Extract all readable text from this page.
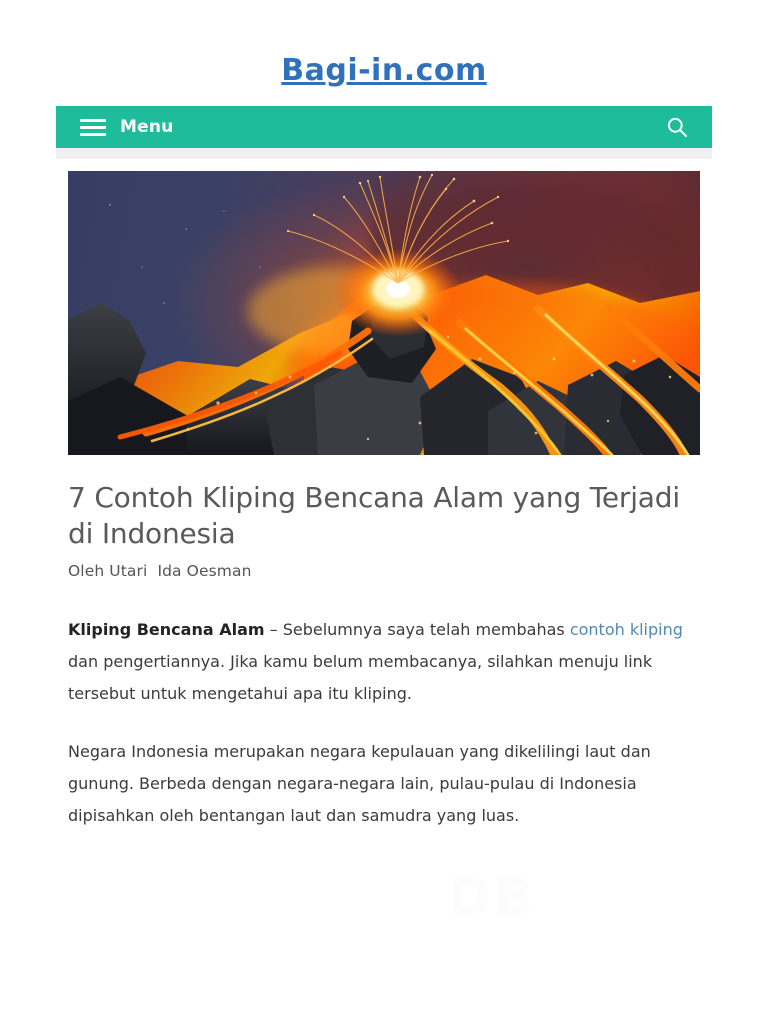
Bagi-in.com
Menu
7 Contoh Kliping Bencana Alam yang Terjadi di Indonesia
Oleh Utari  Ida Oesman

Kliping Bencana Alam – Sebelumnya saya telah membahas contoh kliping dan pengertiannya. Jika kamu belum membacanya, silahkan menuju link tersebut untuk mengetahui apa itu kliping.

Negara Indonesia merupakan negara kepulauan yang dikelilingi laut dan gunung. Berbeda dengan negara-negara lain, pulau-pulau di Indonesia dipisahkan oleh bentangan laut dan samudra yang luas.
